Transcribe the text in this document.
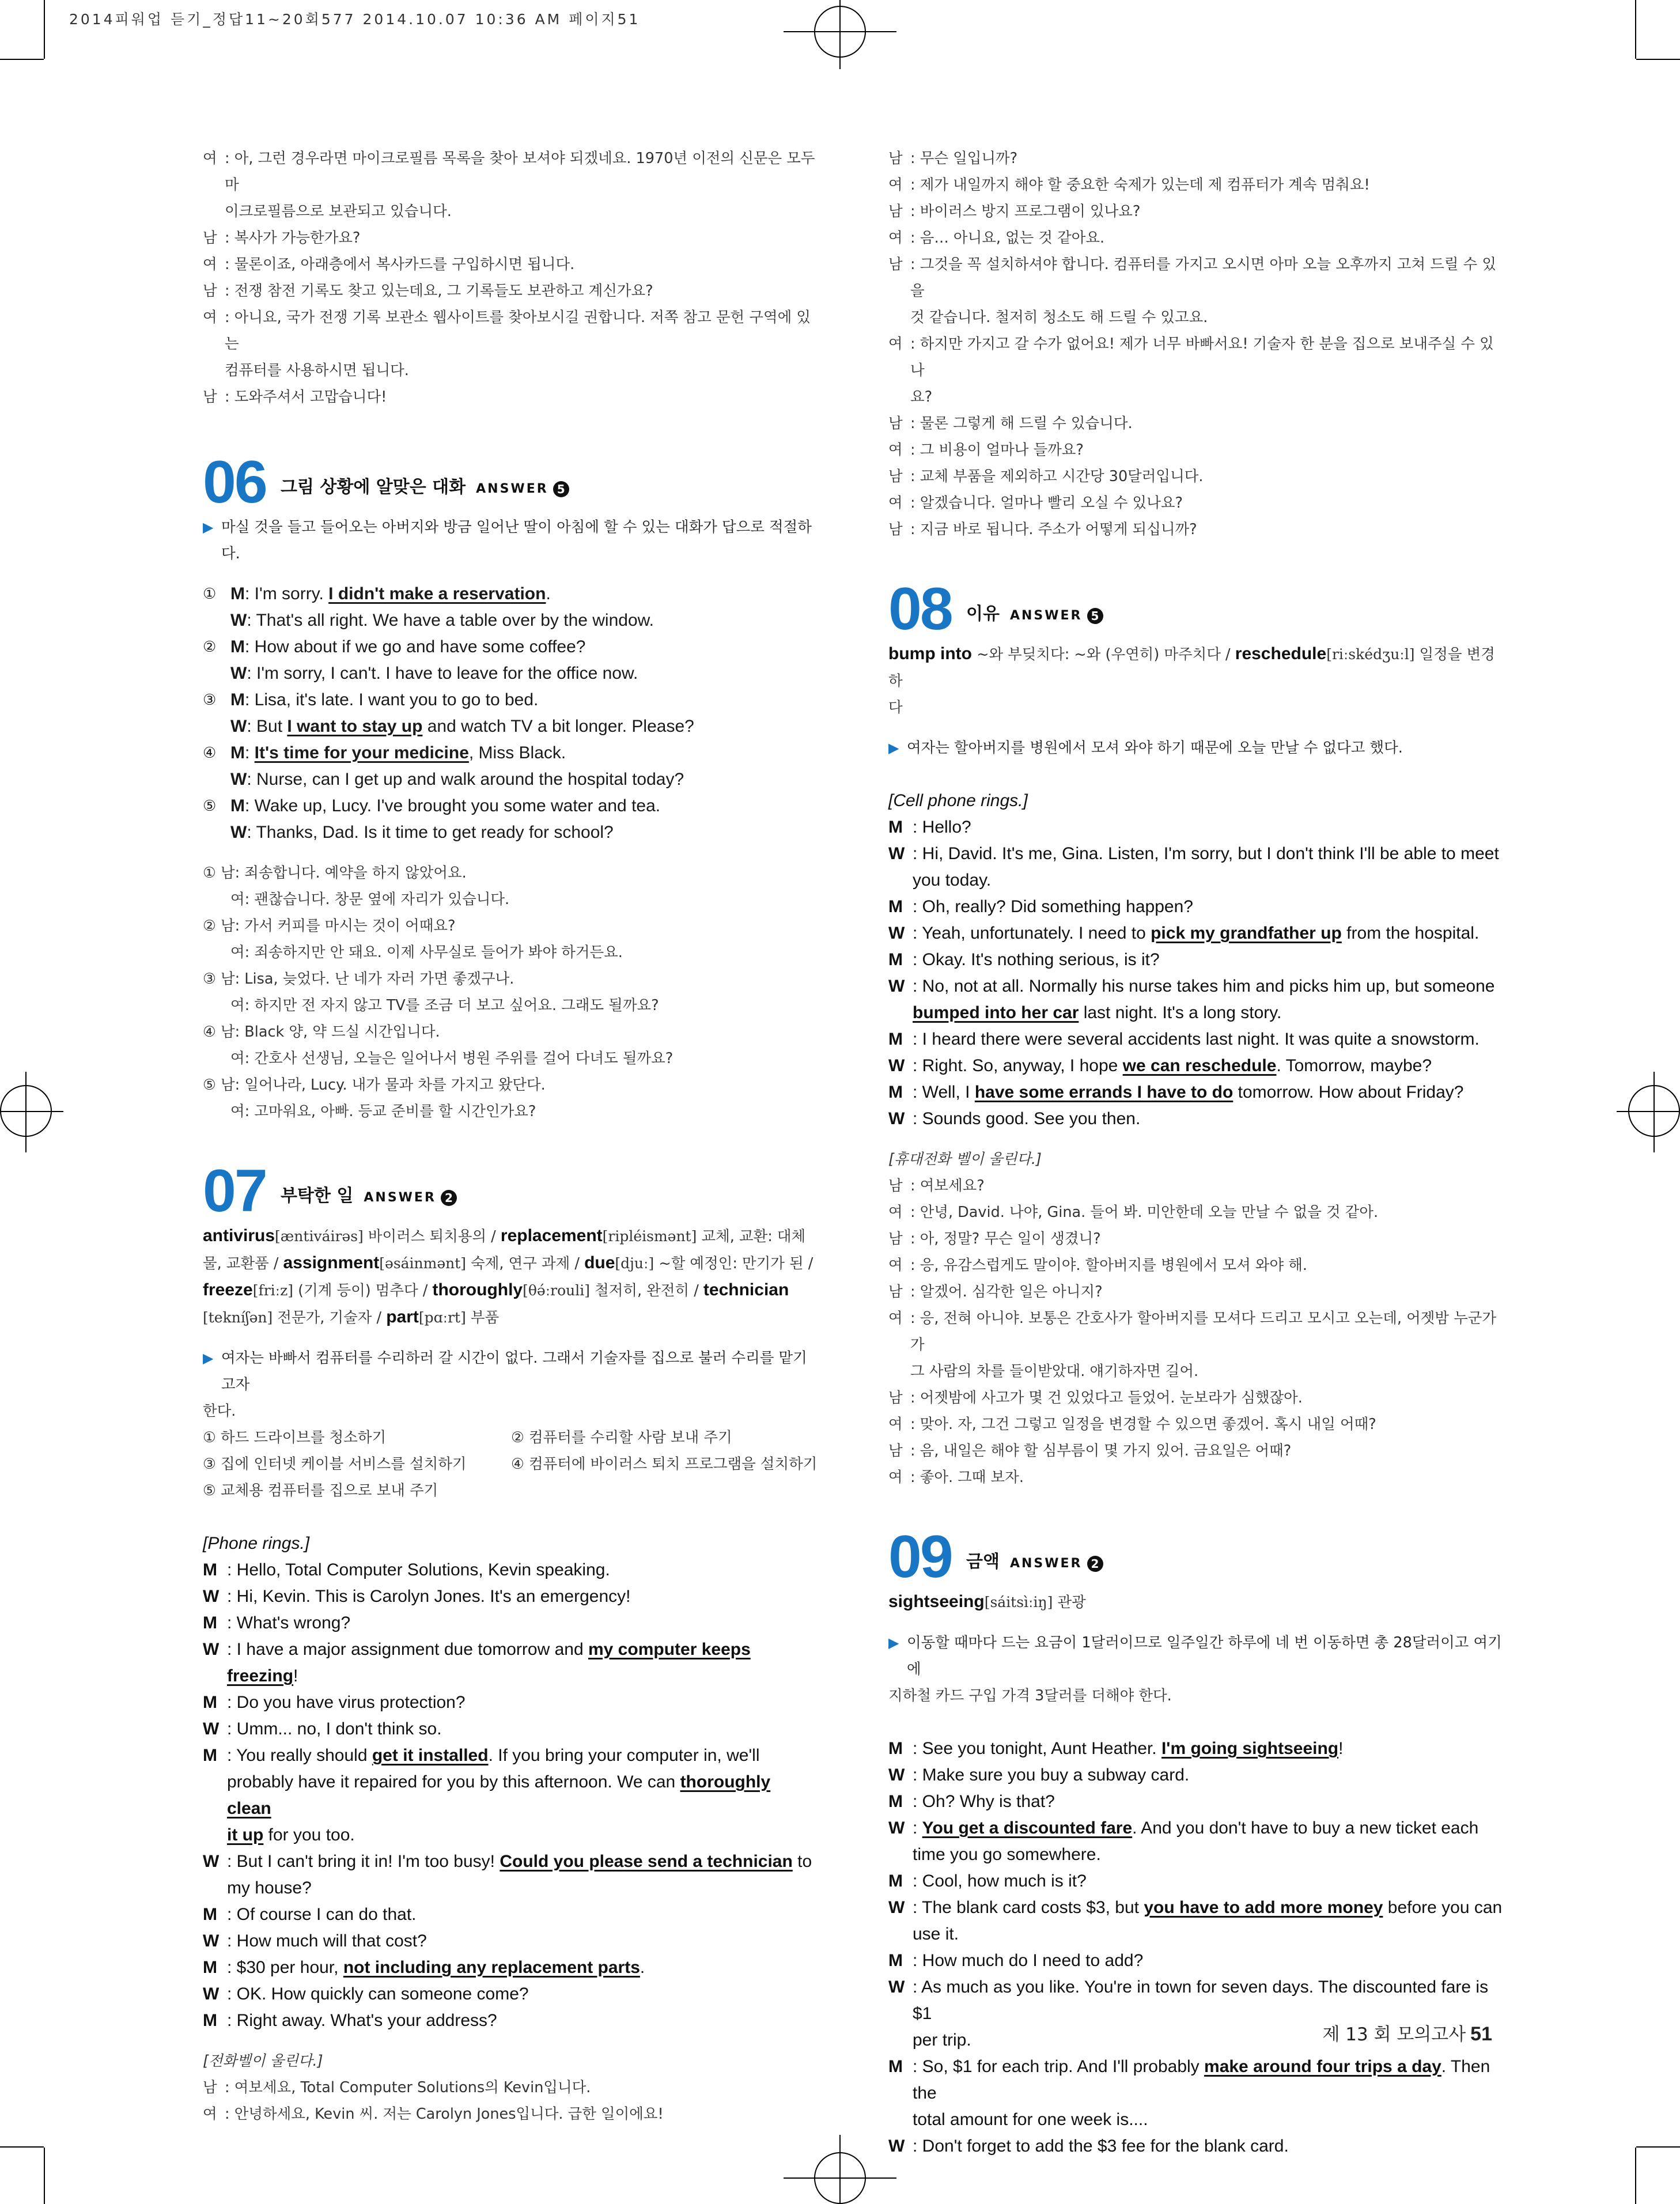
2014피워업 듣기_정답11~20회577 2014.10.07 10:36 AM 페이지51
여 : 아, 그런 경우라면 마이크로필름 목록을 찾아 보셔야 되겠네요. 1970년 이전의 신문은 모두 마
이크로필름으로 보관되고 있습니다.
남 : 복사가 가능한가요?
여 : 물론이죠, 아래층에서 복사카드를 구입하시면 됩니다.
남 : 전쟁 참전 기록도 찾고 있는데요, 그 기록들도 보관하고 계신가요?
여 : 아니요, 국가 전쟁 기록 보관소 웹사이트를 찾아보시길 권합니다. 저쪽 참고 문헌 구역에 있는
컴퓨터를 사용하시면 됩니다.
남 : 도와주셔서 고맙습니다!
06 그림 상황에 알맞은 대화 ANSWER 5
▶ 마실 것을 들고 들어오는 아버지와 방금 일어난 딸이 아침에 할 수 있는 대화가 답으로 적절하다.
① M: I'm sorry. I didn't make a reservation.
W: That's all right. We have a table over by the window.
② M: How about if we go and have some coffee?
W: I'm sorry, I can't. I have to leave for the office now.
③ M: Lisa, it's late. I want you to go to bed.
W: But I want to stay up and watch TV a bit longer. Please?
④ M: It's time for your medicine, Miss Black.
W: Nurse, can I get up and walk around the hospital today?
⑤ M: Wake up, Lucy. I've brought you some water and tea.
W: Thanks, Dad. Is it time to get ready for school?
① 남: 죄송합니다. 예약을 하지 않았어요.
여: 괜찮습니다. 창문 옆에 자리가 있습니다.
② 남: 가서 커피를 마시는 것이 어때요?
여: 죄송하지만 안 돼요. 이제 사무실로 들어가 봐야 하거든요.
③ 남: Lisa, 늦었다. 난 네가 자러 가면 좋겠구나.
여: 하지만 전 자지 않고 TV를 조금 더 보고 싶어요. 그래도 될까요?
④ 남: Black 양, 약 드실 시간입니다.
여: 간호사 선생님, 오늘은 일어나서 병원 주위를 걸어 다녀도 될까요?
⑤ 남: 일어나라, Lucy. 내가 물과 차를 가지고 왔단다.
여: 고마워요, 아빠. 등교 준비를 할 시간인가요?
07 부탁한 일 ANSWER 2
antivirus[æntiváirəs] 바이러스 퇴치용의 / replacement[ripléismənt] 교체, 교환: 대체
물, 교환품 / assignment[əsáinmənt] 숙제, 연구 과제 / due[djuː] ~할 예정인: 만기가 된 /
freeze[friːz] (기계 등이) 멈추다 / thoroughly[θə́ːrouli] 철저히, 완전히 / technician
[tekníʃən] 전문가, 기술자 / part[pɑːrt] 부품
▶ 여자는 바빠서 컴퓨터를 수리하러 갈 시간이 없다. 그래서 기술자를 집으로 불러 수리를 맡기고자
한다.
① 하드 드라이브를 청소하기	② 컴퓨터를 수리할 사람 보내 주기
③ 집에 인터넷 케이블 서비스를 설치하기	④ 컴퓨터에 바이러스 퇴치 프로그램을 설치하기
⑤ 교체용 컴퓨터를 집으로 보내 주기
[Phone rings.]
M : Hello, Total Computer Solutions, Kevin speaking.
W : Hi, Kevin. This is Carolyn Jones. It's an emergency!
M : What's wrong?
W : I have a major assignment due tomorrow and my computer keeps freezing!
M : Do you have virus protection?
W : Umm... no, I don't think so.
M : You really should get it installed. If you bring your computer in, we'll
probably have it repaired for you by this afternoon. We can thoroughly clean
it up for you too.
W : But I can't bring it in! I'm too busy! Could you please send a technician to
my house?
M : Of course I can do that.
W : How much will that cost?
M : $30 per hour, not including any replacement parts.
W : OK. How quickly can someone come?
M : Right away. What's your address?
[전화벨이 울린다.]
남 : 여보세요, Total Computer Solutions의 Kevin입니다.
여 : 안녕하세요, Kevin 씨. 저는 Carolyn Jones입니다. 급한 일이에요!
남 : 무슨 일입니까?
여 : 제가 내일까지 해야 할 중요한 숙제가 있는데 제 컴퓨터가 계속 멈춰요!
남 : 바이러스 방지 프로그램이 있나요?
여 : 음… 아니요, 없는 것 같아요.
남 : 그것을 꼭 설치하셔야 합니다. 컴퓨터를 가지고 오시면 아마 오늘 오후까지 고쳐 드릴 수 있을
것 같습니다. 철저히 청소도 해 드릴 수 있고요.
여 : 하지만 가지고 갈 수가 없어요! 제가 너무 바빠서요! 기술자 한 분을 집으로 보내주실 수 있나
요?
남 : 물론 그렇게 해 드릴 수 있습니다.
여 : 그 비용이 얼마나 들까요?
남 : 교체 부품을 제외하고 시간당 30달러입니다.
여 : 알겠습니다. 얼마나 빨리 오실 수 있나요?
남 : 지금 바로 됩니다. 주소가 어떻게 되십니까?
08 이유 ANSWER 5
bump into ~와 부딪치다: ~와 (우연히) 마주치다 / reschedule[riːskédʒuːl] 일정을 변경하
다
▶ 여자는 할아버지를 병원에서 모셔 와야 하기 때문에 오늘 만날 수 없다고 했다.
[Cell phone rings.]
M : Hello?
W : Hi, David. It's me, Gina. Listen, I'm sorry, but I don't think I'll be able to meet
you today.
M : Oh, really? Did something happen?
W : Yeah, unfortunately. I need to pick my grandfather up from the hospital.
M : Okay. It's nothing serious, is it?
W : No, not at all. Normally his nurse takes him and picks him up, but someone
bumped into her car last night. It's a long story.
M : I heard there were several accidents last night. It was quite a snowstorm.
W : Right. So, anyway, I hope we can reschedule. Tomorrow, maybe?
M : Well, I have some errands I have to do tomorrow. How about Friday?
W : Sounds good. See you then.
[휴대전화 벨이 울린다.]
남 : 여보세요?
여 : 안녕, David. 나야, Gina. 들어 봐. 미안한데 오늘 만날 수 없을 것 같아.
남 : 아, 정말? 무슨 일이 생겼니?
여 : 응, 유감스럽게도 말이야. 할아버지를 병원에서 모셔 와야 해.
남 : 알겠어. 심각한 일은 아니지?
여 : 응, 전혀 아니야. 보통은 간호사가 할아버지를 모셔다 드리고 모시고 오는데, 어젯밤 누군가가
그 사람의 차를 들이받았대. 얘기하자면 길어.
남 : 어젯밤에 사고가 몇 건 있었다고 들었어. 눈보라가 심했잖아.
여 : 맞아. 자, 그건 그렇고 일정을 변경할 수 있으면 좋겠어. 혹시 내일 어때?
남 : 음, 내일은 해야 할 심부름이 몇 가지 있어. 금요일은 어때?
여 : 좋아. 그때 보자.
09 금액 ANSWER 2
sightseeing[sáitsìːiŋ] 관광
▶ 이동할 때마다 드는 요금이 1달러이므로 일주일간 하루에 네 번 이동하면 총 28달러이고 여기에
지하철 카드 구입 가격 3달러를 더해야 한다.
M : See you tonight, Aunt Heather. I'm going sightseeing!
W : Make sure you buy a subway card.
M : Oh? Why is that?
W : You get a discounted fare. And you don't have to buy a new ticket each
time you go somewhere.
M : Cool, how much is it?
W : The blank card costs $3, but you have to add more money before you can
use it.
M : How much do I need to add?
W : As much as you like. You're in town for seven days. The discounted fare is $1
per trip.
M : So, $1 for each trip. And I'll probably make around four trips a day. Then the
total amount for one week is....
W : Don't forget to add the $3 fee for the blank card.
제 13 회 모의고사 51
